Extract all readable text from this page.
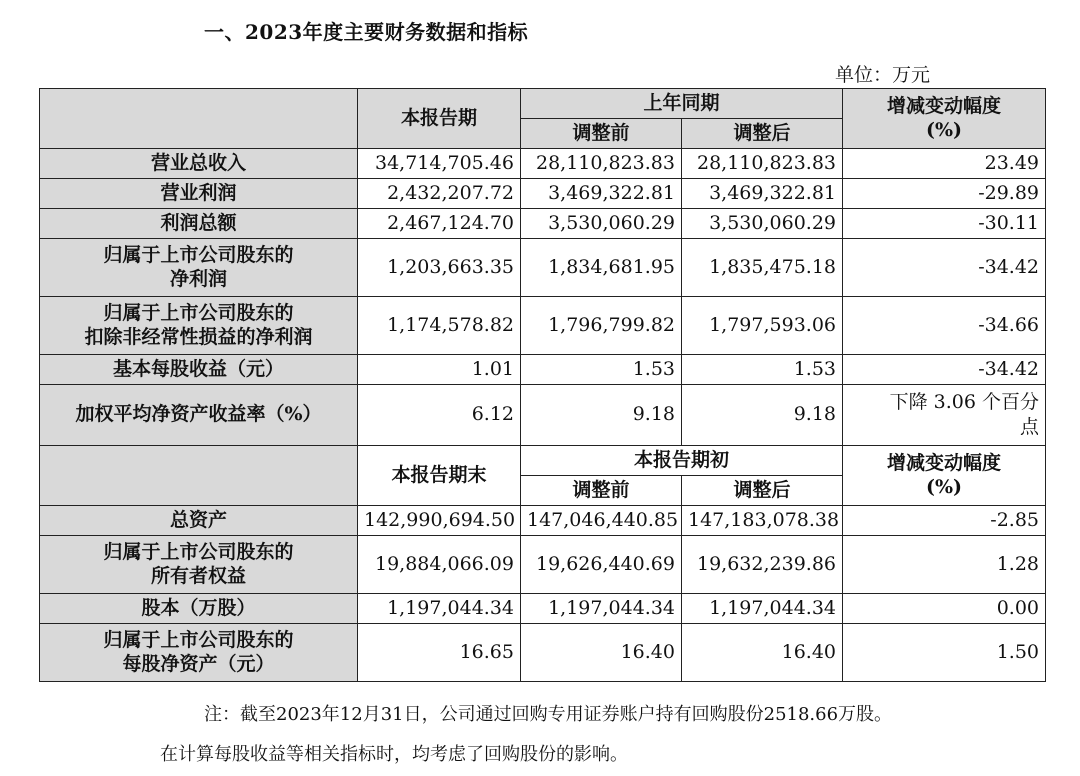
一、2023年度主要财务数据和指标
单位：万元
	本报告期	上年同期		增减变动幅度
(%)

		调整前	调整后	
营业总收入	34,714,705.46	28,110,823.83	28,110,823.83	23.49
营业利润	2,432,207.72	3,469,322.81	3,469,322.81	-29.89
利润总额	2,467,124.70	3,530,060.29	3,530,060.29	-30.11

归属于上市公司股东的
净利润	1,203,663.35	1,834,681.95	1,835,475.18	-34.42

归属于上市公司股东的
扣除非经常性损益的净利润	1,174,578.82	1,796,799.82	1,797,593.06	-34.66
基本每股收益（元）	1.01	1.53	1.53	-34.42
加权平均净资产收益率（%）	6.12	9.18	9.18	下降 3.06 个百分
点

	本报告期末	本报告期初		增减变动幅度
(%)

		调整前	调整后	
总资产	142,990,694.50	147,046,440.85	147,183,078.38	-2.85

归属于上市公司股东的
所有者权益	19,884,066.09	19,626,440.69	19,632,239.86	1.28
股本（万股）	1,197,044.34	1,197,044.34	1,197,044.34	0.00

归属于上市公司股东的
每股净资产（元）	16.65	16.40	16.40	1.50
注：截至2023年12月31日，公司通过回购专用证券账户持有回购股份2518.66万股。
在计算每股收益等相关指标时，均考虑了回购股份的影响。
